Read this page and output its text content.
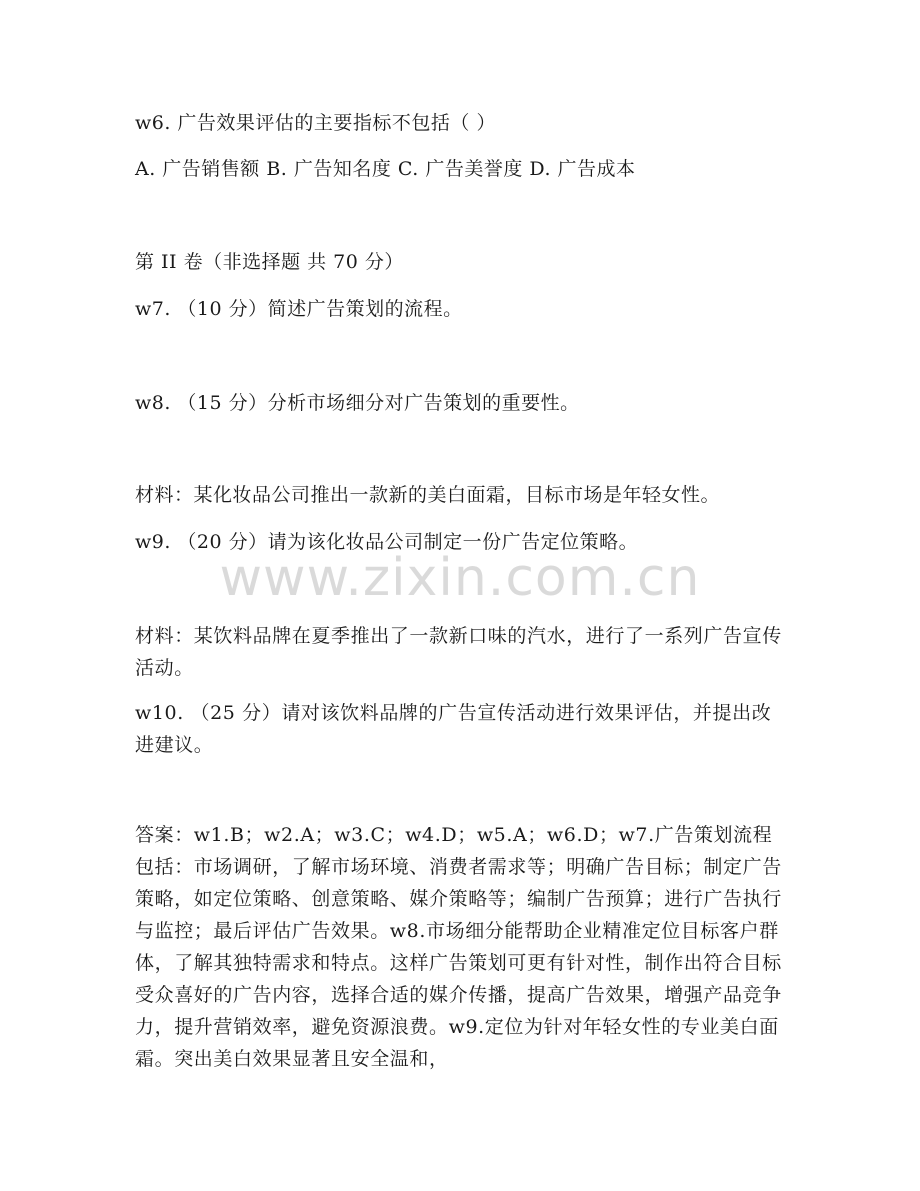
w6. 广告效果评估的主要指标不包括（ ）
A. 广告销售额 B. 广告知名度 C. 广告美誉度 D. 广告成本
第 II 卷（非选择题 共 70 分）
w7. （10 分）简述广告策划的流程。
w8. （15 分）分析市场细分对广告策划的重要性。
材料：某化妆品公司推出一款新的美白面霜，目标市场是年轻女性。
w9. （20 分）请为该化妆品公司制定一份广告定位策略。
www.zixin.com.cn
材料：某饮料品牌在夏季推出了一款新口味的汽水，进行了一系列广告宣传活动。
w10. （25 分）请对该饮料品牌的广告宣传活动进行效果评估，并提出改进建议。
答案：w1.B；w2.A；w3.C；w4.D；w5.A；w6.D；w7.广告策划流程包括：市场调研，了解市场环境、消费者需求等；明确广告目标；制定广告策略，如定位策略、创意策略、媒介策略等；编制广告预算；进行广告执行与监控；最后评估广告效果。w8.市场细分能帮助企业精准定位目标客户群体，了解其独特需求和特点。这样广告策划可更有针对性，制作出符合目标受众喜好的广告内容，选择合适的媒介传播，提高广告效果，增强产品竞争力，提升营销效率，避免资源浪费。w9.定位为针对年轻女性的专业美白面霜。突出美白效果显著且安全温和，
